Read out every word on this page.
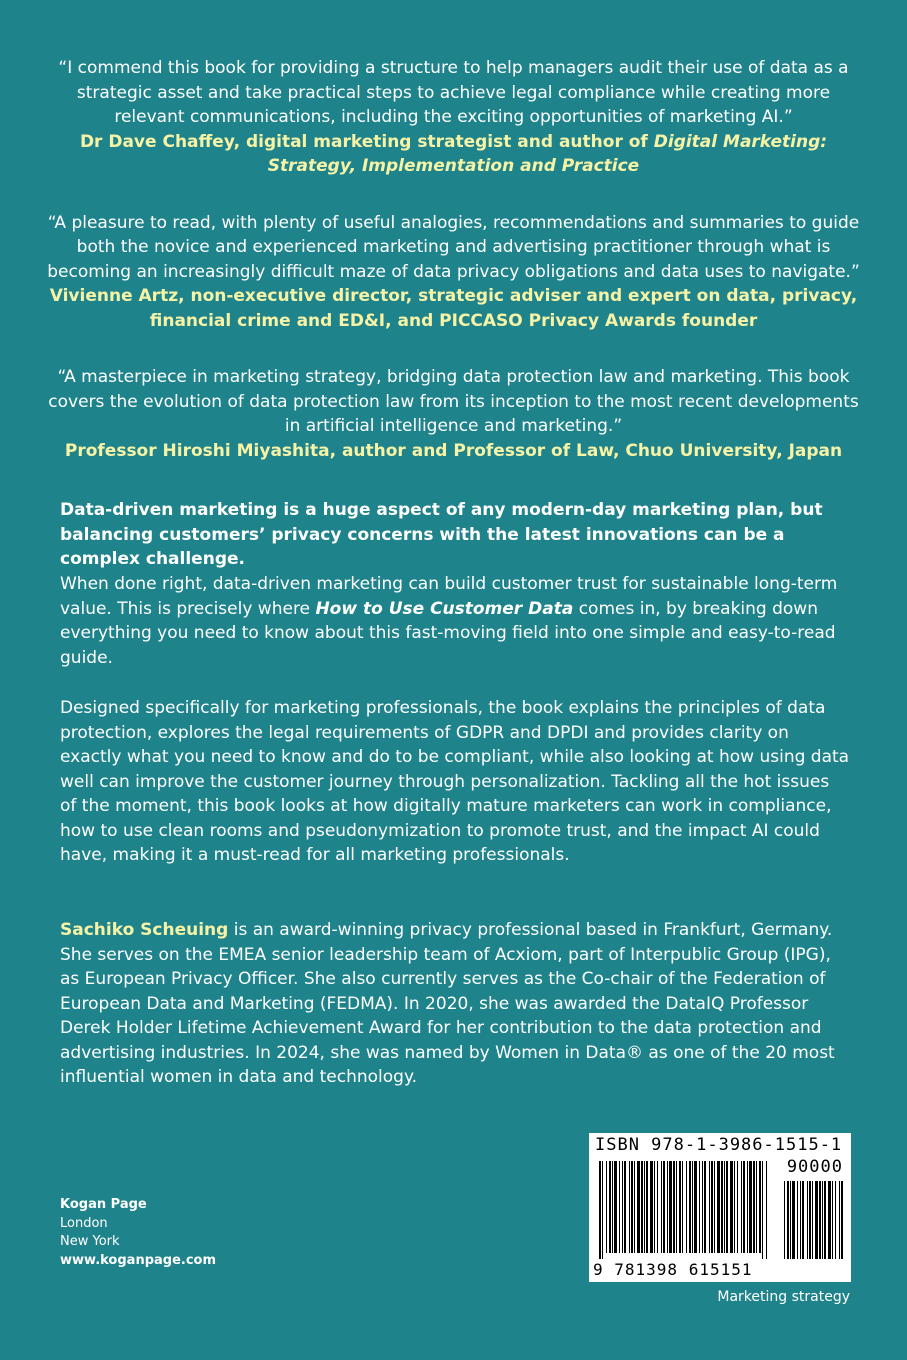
“I commend this book for providing a structure to help managers audit their use of data as a strategic asset and take practical steps to achieve legal compliance while creating more relevant communications, including the exciting opportunities of marketing AI.”

Dr Dave Chaffey, digital marketing strategist and author of Digital Marketing: Strategy, Implementation and Practice

“A pleasure to read, with plenty of useful analogies, recommendations and summaries to guide both the novice and experienced marketing and advertising practitioner through what is becoming an increasingly difficult maze of data privacy obligations and data uses to navigate.”

Vivienne Artz, non-executive director, strategic adviser and expert on data, privacy, financial crime and ED&I, and PICCASO Privacy Awards founder

“A masterpiece in marketing strategy, bridging data protection law and marketing. This book covers the evolution of data protection law from its inception to the most recent developments in artificial intelligence and marketing.”

Professor Hiroshi Miyashita, author and Professor of Law, Chuo University, Japan

Data-driven marketing is a huge aspect of any modern-day marketing plan, but balancing customers’ privacy concerns with the latest innovations can be a complex challenge.

When done right, data-driven marketing can build customer trust for sustainable long-term value. This is precisely where How to Use Customer Data comes in, by breaking down everything you need to know about this fast-moving field into one simple and easy-to-read guide.

Designed specifically for marketing professionals, the book explains the principles of data protection, explores the legal requirements of GDPR and DPDI and provides clarity on exactly what you need to know and do to be compliant, while also looking at how using data well can improve the customer journey through personalization. Tackling all the hot issues of the moment, this book looks at how digitally mature marketers can work in compliance, how to use clean rooms and pseudonymization to promote trust, and the impact AI could have, making it a must-read for all marketing professionals.

Sachiko Scheuing is an award-winning privacy professional based in Frankfurt, Germany. She serves on the EMEA senior leadership team of Acxiom, part of Interpublic Group (IPG), as European Privacy Officer. She also currently serves as the Co-chair of the Federation of European Data and Marketing (FEDMA). In 2020, she was awarded the DataIQ Professor Derek Holder Lifetime Achievement Award for her contribution to the data protection and advertising industries. In 2024, she was named by Women in Data® as one of the 20 most influential women in data and technology.

Kogan Page
London
New York
www.koganpage.com
ISBN 978-1-3986-1515-1
90000
9 781398 615151
Marketing strategy
